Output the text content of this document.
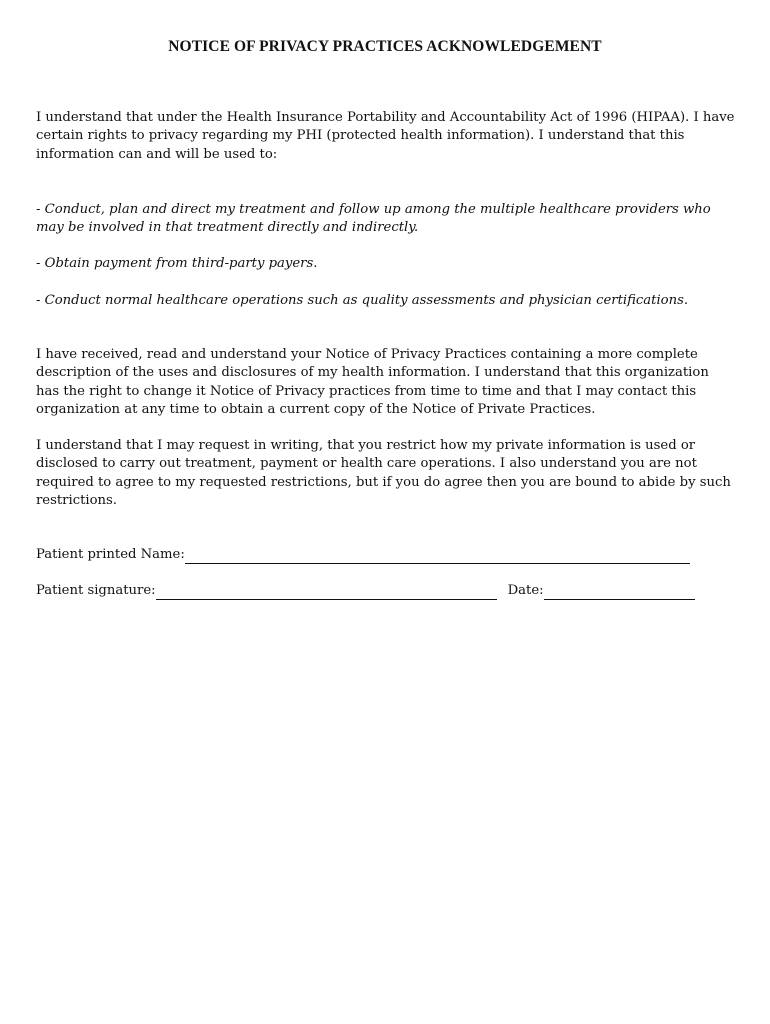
NOTICE OF PRIVACY PRACTICES ACKNOWLEDGEMENT

I understand that under the Health Insurance Portability and Accountability Act of 1996 (HIPAA). I have certain rights to privacy regarding my PHI (protected health information). I understand that this information can and will be used to:

- Conduct, plan and direct my treatment and follow up among the multiple healthcare providers who may be involved in that treatment directly and indirectly.

- Obtain payment from third-party payers.

- Conduct normal healthcare operations such as quality assessments and physician certifications.

I have received, read and understand your Notice of Privacy Practices containing a more complete description of the uses and disclosures of my health information. I understand that this organization has the right to change it Notice of Privacy practices from time to time and that I may contact this organization at any time to obtain a current copy of the Notice of Private Practices.

I understand that I may request in writing, that you restrict how my private information is used or disclosed to carry out treatment, payment or health care operations. I also understand you are not required to agree to my requested restrictions, but if you do agree then you are bound to abide by such restrictions.

Patient printed Name:
Patient signature:	Date:
